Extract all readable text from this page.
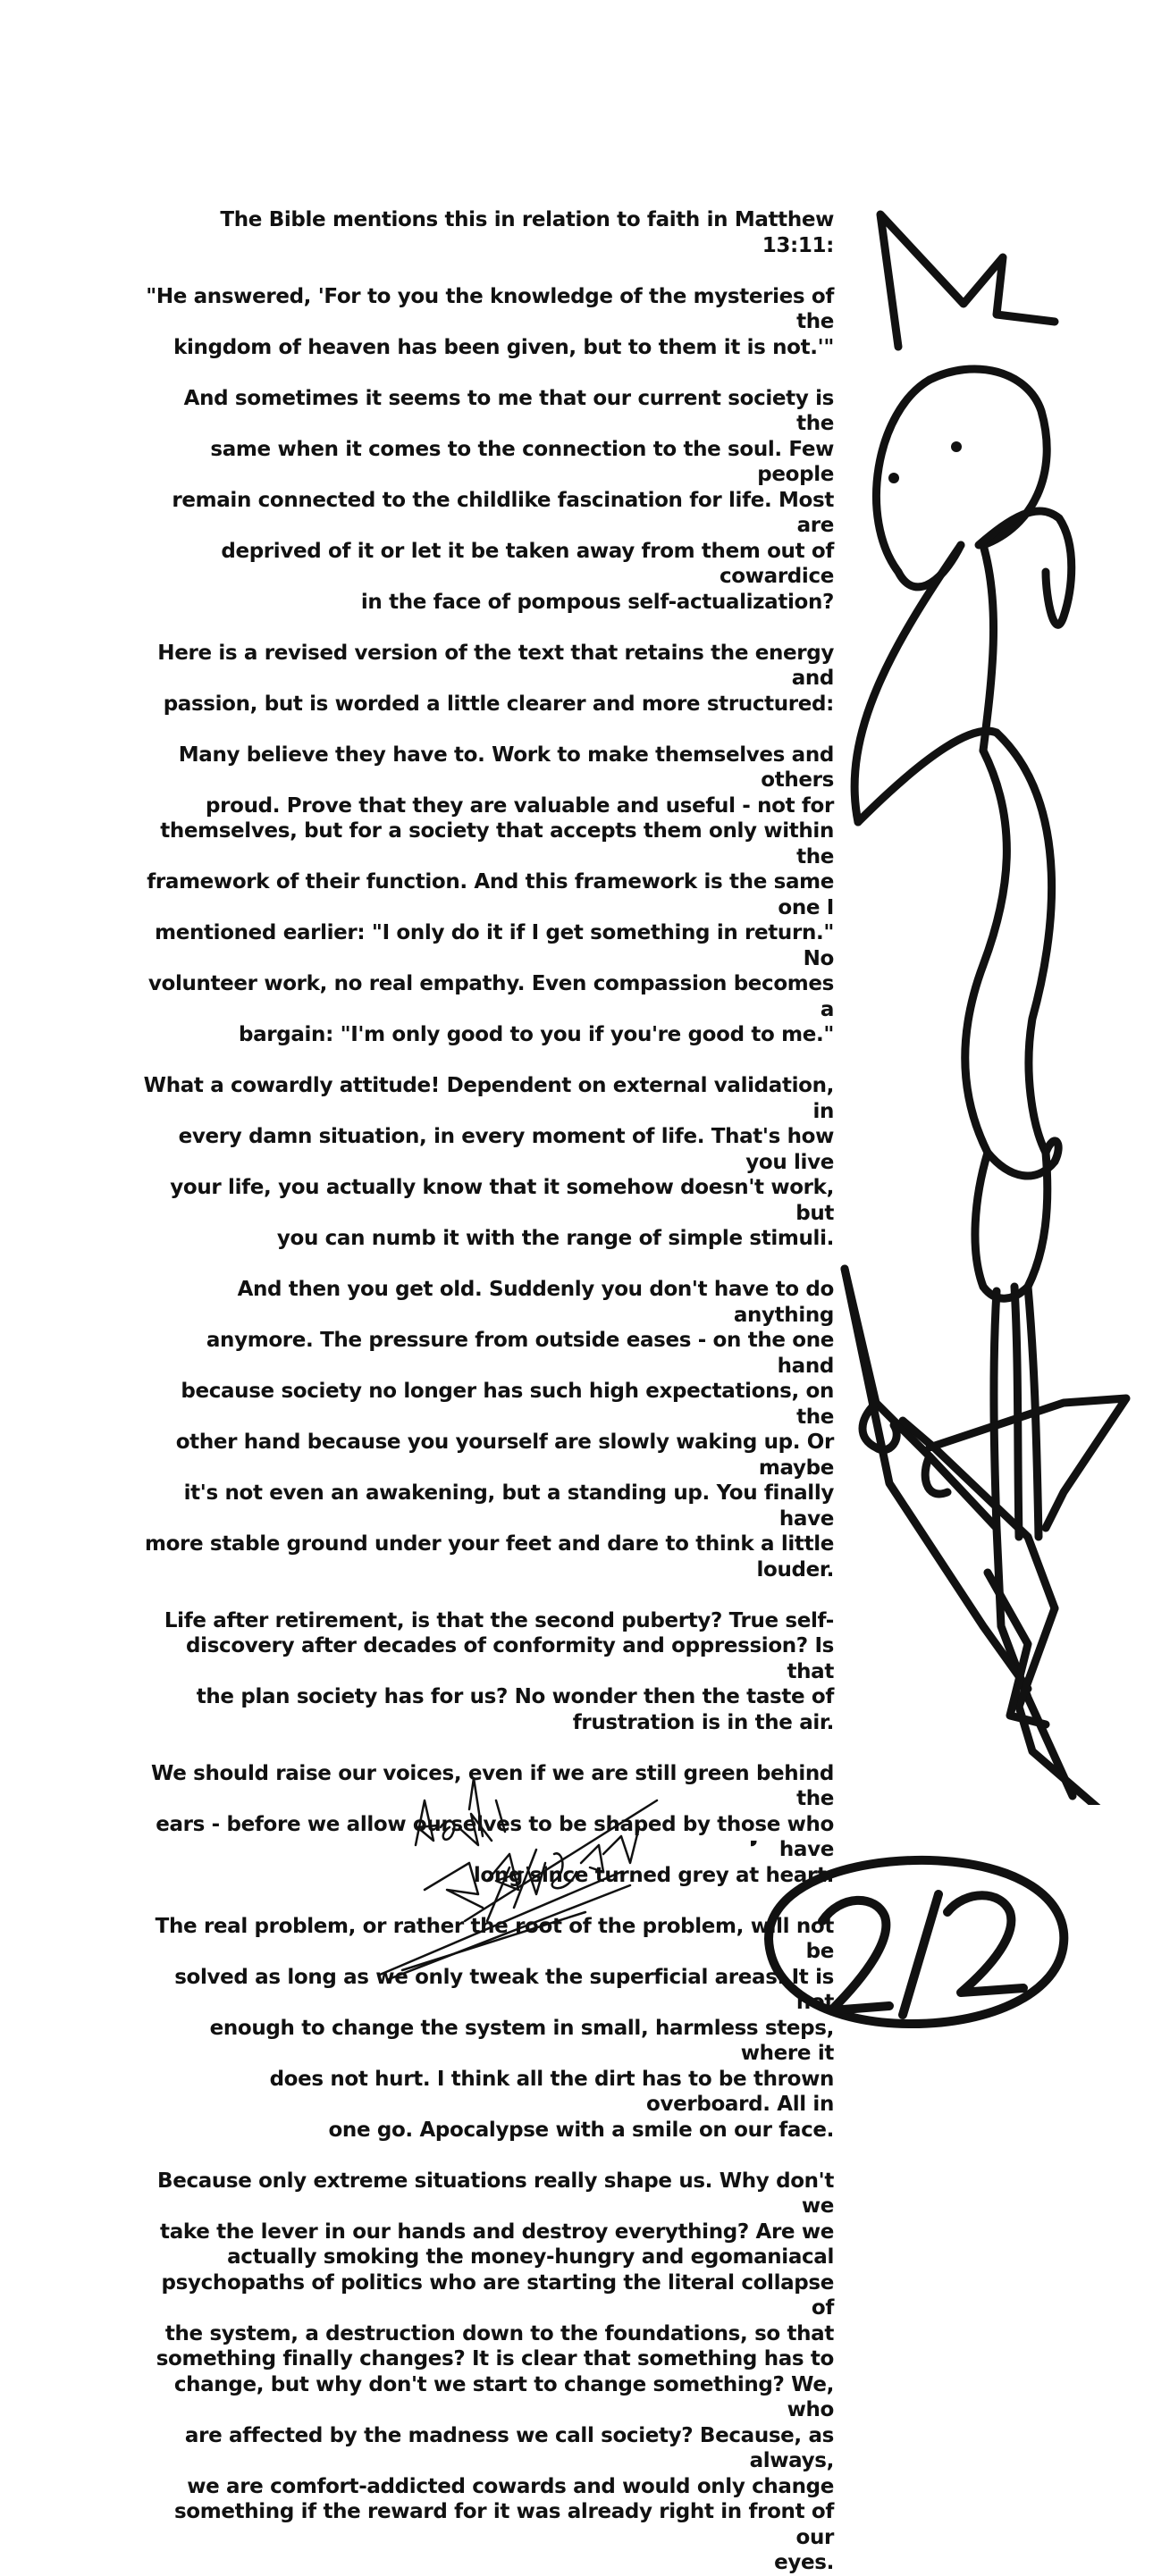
The Bible mentions this in relation to faith in Matthew 13:11:

"He answered, 'For to you the knowledge of the mysteries of the
kingdom of heaven has been given, but to them it is not.'"

And sometimes it seems to me that our current society is the
same when it comes to the connection to the soul. Few people
remain connected to the childlike fascination for life. Most are
deprived of it or let it be taken away from them out of cowardice
in the face of pompous self-actualization?

Here is a revised version of the text that retains the energy and
passion, but is worded a little clearer and more structured:

Many believe they have to. Work to make themselves and others
proud. Prove that they are valuable and useful - not for
themselves, but for a society that accepts them only within the
framework of their function. And this framework is the same one I
mentioned earlier: "I only do it if I get something in return." No
volunteer work, no real empathy. Even compassion becomes a
bargain: "I'm only good to you if you're good to me."

What a cowardly attitude! Dependent on external validation, in
every damn situation, in every moment of life. That's how you live
your life, you actually know that it somehow doesn't work, but
you can numb it with the range of simple stimuli.

And then you get old. Suddenly you don't have to do anything
anymore. The pressure from outside eases - on the one hand
because society no longer has such high expectations, on the
other hand because you yourself are slowly waking up. Or maybe
it's not even an awakening, but a standing up. You finally have
more stable ground under your feet and dare to think a little
louder.

Life after retirement, is that the second puberty? True self-
discovery after decades of conformity and oppression? Is that
the plan society has for us? No wonder then the taste of
frustration is in the air.

We should raise our voices, even if we are still green behind the
ears - before we allow ourselves to be shaped by those who have
long since turned grey at heart.

The real problem, or rather the root of the problem, will not be
solved as long as we only tweak the superficial areas. It is not
enough to change the system in small, harmless steps, where it
does not hurt. I think all the dirt has to be thrown overboard. All in
one go. Apocalypse with a smile on our face.

Because only extreme situations really shape us. Why don't we
take the lever in our hands and destroy everything? Are we
actually smoking the money-hungry and egomaniacal
psychopaths of politics who are starting the literal collapse of
the system, a destruction down to the foundations, so that
something finally changes? It is clear that something has to
change, but why don't we start to change something? We, who
are affected by the madness we call society? Because, as always,
we are comfort-addicted cowards and would only change
something if the reward for it was already right in front of our
eyes.

2/2
